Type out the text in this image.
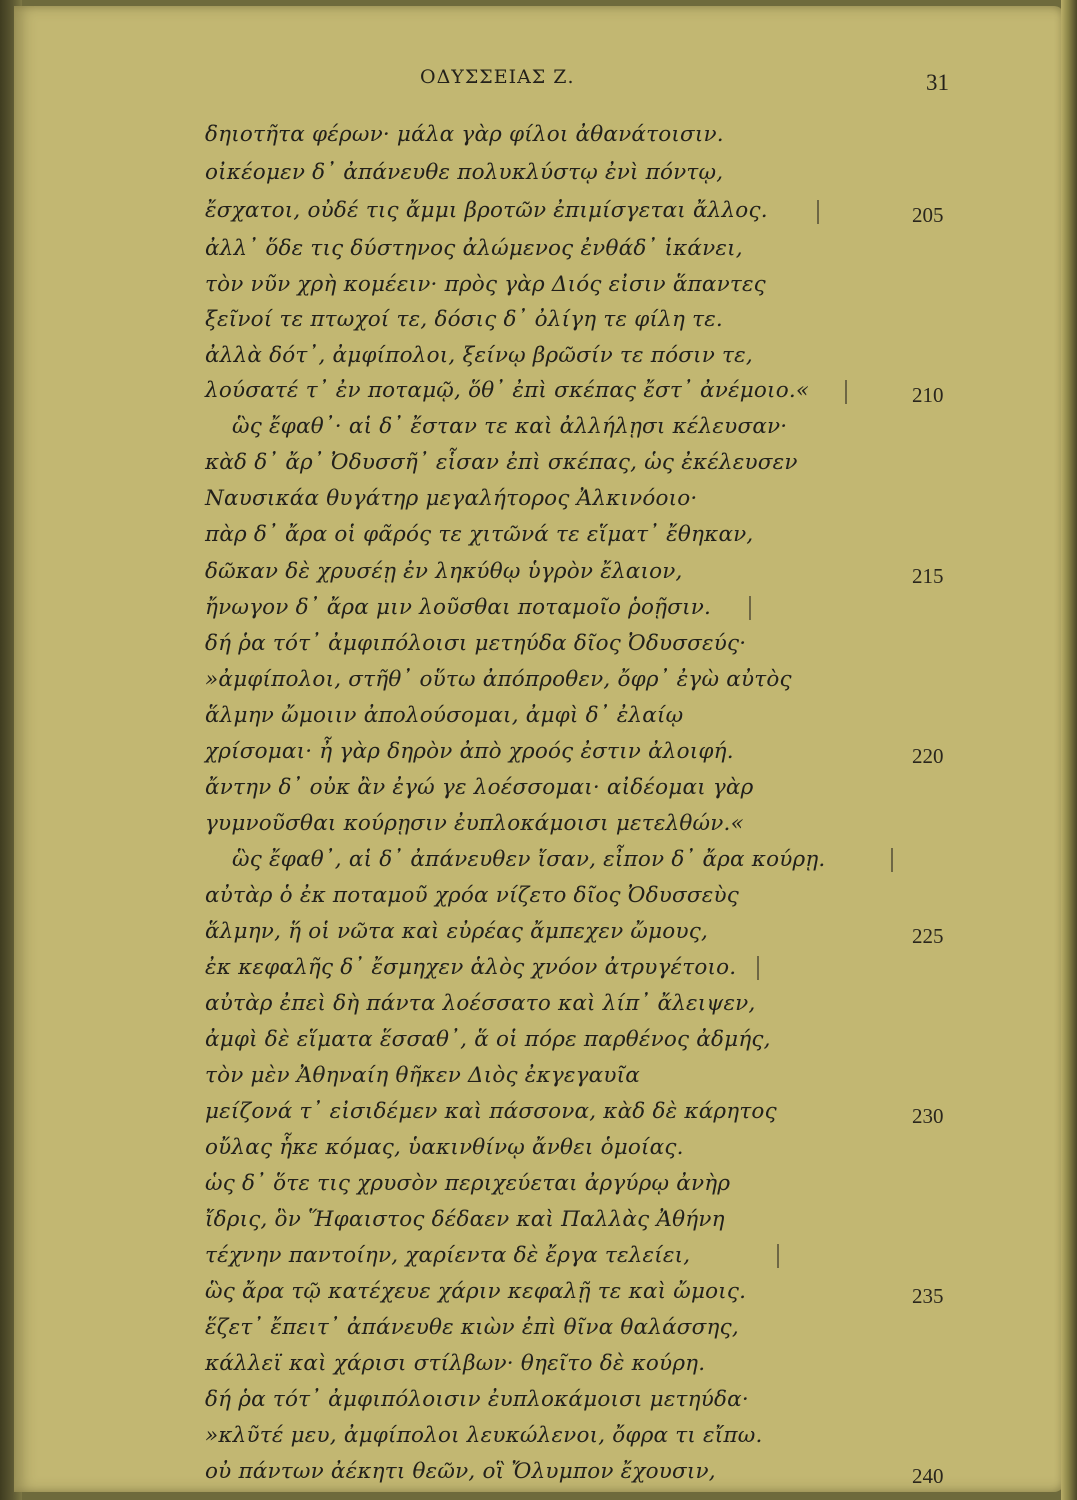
ΟΔΥΣΣΕΙΑΣ Ζ.	31
δηιοτῆτα φέρων· μάλα γὰρ φίλοι ἀθανάτοισιν.
οἰκέομεν δ᾽ ἀπάνευθε πολυκλύστῳ ἐνὶ πόντῳ,
ἔσχατοι, οὐδέ τις ἄμμι βροτῶν ἐπιμίσγεται ἄλλος.
ἀλλ᾽ ὅδε τις δύστηνος ἀλώμενος ἐνθάδ᾽ ἱκάνει,
τὸν νῦν χρὴ κομέειν· πρὸς γὰρ Διός εἰσιν ἅπαντες
ξεῖνοί τε πτωχοί τε, δόσις δ᾽ ὀλίγη τε φίλη τε.
ἀλλὰ δότ᾽, ἀμφίπολοι, ξείνῳ βρῶσίν τε πόσιν τε,
λούσατέ τ᾽ ἐν ποταμῷ, ὅθ᾽ ἐπὶ σκέπας ἔστ᾽ ἀνέμοιο.«
ὣς ἔφαθ᾽· αἱ δ᾽ ἔσταν τε καὶ ἀλλήλῃσι κέλευσαν·
κὰδ δ᾽ ἄρ᾽ Ὀδυσσῆ᾽ εἷσαν ἐπὶ σκέπας, ὡς ἐκέλευσεν
Ναυσικάα θυγάτηρ μεγαλήτορος Ἀλκινόοιο·
πὰρ δ᾽ ἄρα οἱ φᾶρός τε χιτῶνά τε εἵματ᾽ ἔθηκαν,
δῶκαν δὲ χρυσέῃ ἐν ληκύθῳ ὑγρὸν ἔλαιον,
ἤνωγον δ᾽ ἄρα μιν λοῦσθαι ποταμοῖο ῥοῇσιν.
δή ῥα τότ᾽ ἀμφιπόλοισι μετηύδα δῖος Ὀδυσσεύς·
»ἀμφίπολοι, στῆθ᾽ οὕτω ἀπόπροθεν, ὄφρ᾽ ἐγὼ αὐτὸς
ἅλμην ὤμοιιν ἀπολούσομαι, ἀμφὶ δ᾽ ἐλαίῳ
χρίσομαι· ἦ γὰρ δηρὸν ἀπὸ χροός ἐστιν ἀλοιφή.
ἄντην δ᾽ οὐκ ἂν ἐγώ γε λοέσσομαι· αἰδέομαι γὰρ
γυμνοῦσθαι κούρῃσιν ἐυπλοκάμοισι μετελθών.«
ὣς ἔφαθ᾽, αἱ δ᾽ ἀπάνευθεν ἴσαν, εἶπον δ᾽ ἄρα κούρῃ.
αὐτὰρ ὁ ἐκ ποταμοῦ χρόα νίζετο δῖος Ὀδυσσεὺς
ἅλμην, ἥ οἱ νῶτα καὶ εὐρέας ἄμπεχεν ὤμους,
ἐκ κεφαλῆς δ᾽ ἔσμηχεν ἁλὸς χνόον ἀτρυγέτοιο.
αὐτὰρ ἐπεὶ δὴ πάντα λοέσσατο καὶ λίπ᾽ ἄλειψεν,
ἀμφὶ δὲ εἵματα ἕσσαθ᾽, ἅ οἱ πόρε παρθένος ἀδμής,
τὸν μὲν Ἀθηναίη θῆκεν Διὸς ἐκγεγαυῖα
μείζονά τ᾽ εἰσιδέμεν καὶ πάσσονα, κὰδ δὲ κάρητος
οὔλας ἧκε κόμας, ὑακινθίνῳ ἄνθει ὁμοίας.
ὡς δ᾽ ὅτε τις χρυσὸν περιχεύεται ἀργύρῳ ἀνὴρ
ἴδρις, ὃν Ἥφαιστος δέδαεν καὶ Παλλὰς Ἀθήνη
τέχνην παντοίην, χαρίεντα δὲ ἔργα τελείει,
ὣς ἄρα τῷ κατέχευε χάριν κεφαλῇ τε καὶ ὤμοις.
ἕζετ᾽ ἔπειτ᾽ ἀπάνευθε κιὼν ἐπὶ θῖνα θαλάσσης,
κάλλεϊ καὶ χάρισι στίλβων· θηεῖτο δὲ κούρη.
δή ῥα τότ᾽ ἀμφιπόλοισιν ἐυπλοκάμοισι μετηύδα·
»κλῦτέ μευ, ἀμφίπολοι λευκώλενοι, ὄφρα τι εἴπω.
οὐ πάντων ἀέκητι θεῶν, οἳ Ὄλυμπον ἔχουσιν,
205
210
215
220
225
230
235
240
